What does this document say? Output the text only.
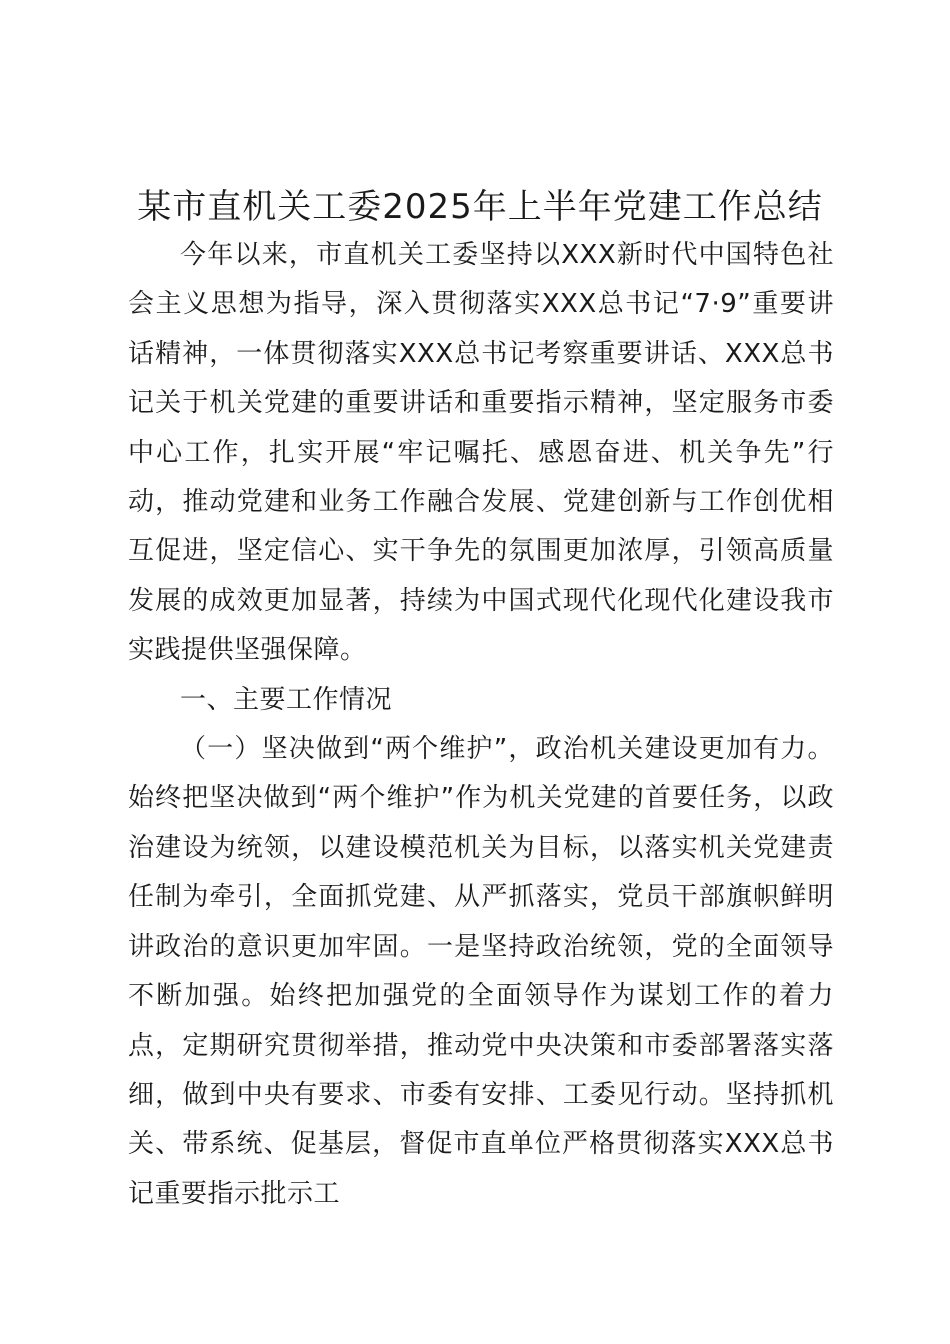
某市直机关工委2025年上半年党建工作总结

今年以来，市直机关工委坚持以XXX新时代中国特色社会主义思想为指导，深入贯彻落实XXX总书记“7·9”重要讲话精神，一体贯彻落实XXX总书记考察重要讲话、XXX总书记关于机关党建的重要讲话和重要指示精神，坚定服务市委中心工作，扎实开展“牢记嘱托、感恩奋进、机关争先”行动，推动党建和业务工作融合发展、党建创新与工作创优相互促进，坚定信心、实干争先的氛围更加浓厚，引领高质量发展的成效更加显著，持续为中国式现代化现代化建设我市实践提供坚强保障。

一、主要工作情况

（一）坚决做到“两个维护”，政治机关建设更加有力。始终把坚决做到“两个维护”作为机关党建的首要任务，以政治建设为统领，以建设模范机关为目标，以落实机关党建责任制为牵引，全面抓党建、从严抓落实，党员干部旗帜鲜明讲政治的意识更加牢固。一是坚持政治统领，党的全面领导不断加强。始终把加强党的全面领导作为谋划工作的着力点，定期研究贯彻举措，推动党中央决策和市委部署落实落细，做到中央有要求、市委有安排、工委见行动。坚持抓机关、带系统、促基层，督促市直单位严格贯彻落实XXX总书记重要指示批示工
